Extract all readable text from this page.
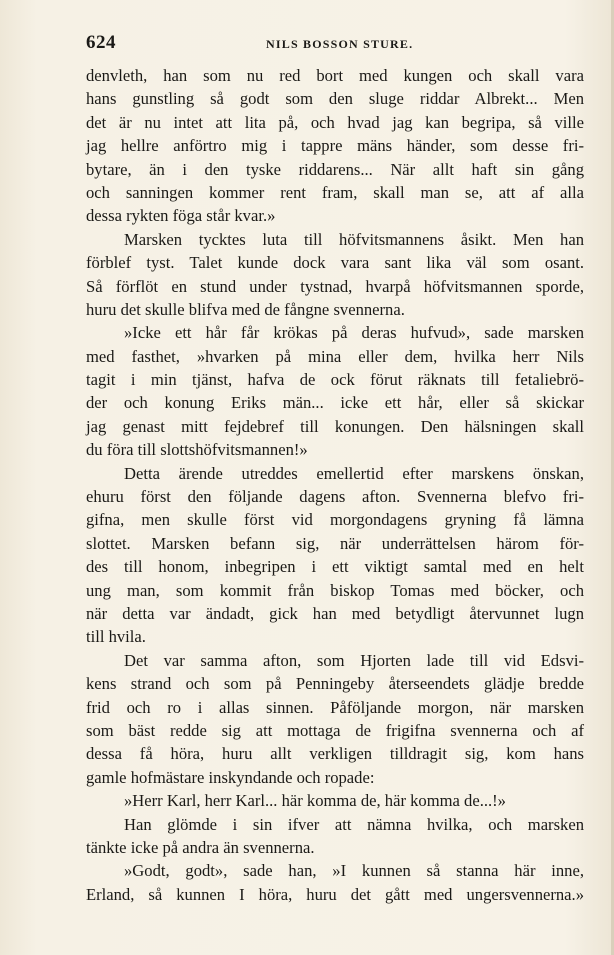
624	NILS BOSSON STURE.
denvleth, han som nu red bort med kungen och skall vara
hans gunstling så godt som den sluge riddar Albrekt... Men
det är nu intet att lita på, och hvad jag kan begripa, så ville
jag hellre anförtro mig i tappre mäns händer, som desse fri-
bytare, än i den tyske riddarens... När allt haft sin gång
och sanningen kommer rent fram, skall man se, att af alla
dessa rykten föga står kvar.»
Marsken tycktes luta till höfvitsmannens åsikt. Men han
förblef tyst. Talet kunde dock vara sant lika väl som osant.
Så förflöt en stund under tystnad, hvarpå höfvitsmannen sporde,
huru det skulle blifva med de fångne svennerna.
»Icke ett hår får krökas på deras hufvud», sade marsken
med fasthet, »hvarken på mina eller dem, hvilka herr Nils
tagit i min tjänst, hafva de ock förut räknats till fetaliebrö-
der och konung Eriks män... icke ett hår, eller så skickar
jag genast mitt fejdebref till konungen. Den hälsningen skall
du föra till slottshöfvitsmannen!»
Detta ärende utreddes emellertid efter marskens önskan,
ehuru först den följande dagens afton. Svennerna blefvo fri-
gifna, men skulle först vid morgondagens gryning få lämna
slottet. Marsken befann sig, när underrättelsen härom för-
des till honom, inbegripen i ett viktigt samtal med en helt
ung man, som kommit från biskop Tomas med böcker, och
när detta var ändadt, gick han med betydligt återvunnet lugn
till hvila.
Det var samma afton, som Hjorten lade till vid Edsvi-
kens strand och som på Penningeby återseendets glädje bredde
frid och ro i allas sinnen. Påföljande morgon, när marsken
som bäst redde sig att mottaga de frigifna svennerna och af
dessa få höra, huru allt verkligen tilldragit sig, kom hans
gamle hofmästare inskyndande och ropade:
»Herr Karl, herr Karl... här komma de, här komma de...!»
Han glömde i sin ifver att nämna hvilka, och marsken
tänkte icke på andra än svennerna.
»Godt, godt», sade han, »I kunnen så stanna här inne,
Erland, så kunnen I höra, huru det gått med ungersvennerna.»
